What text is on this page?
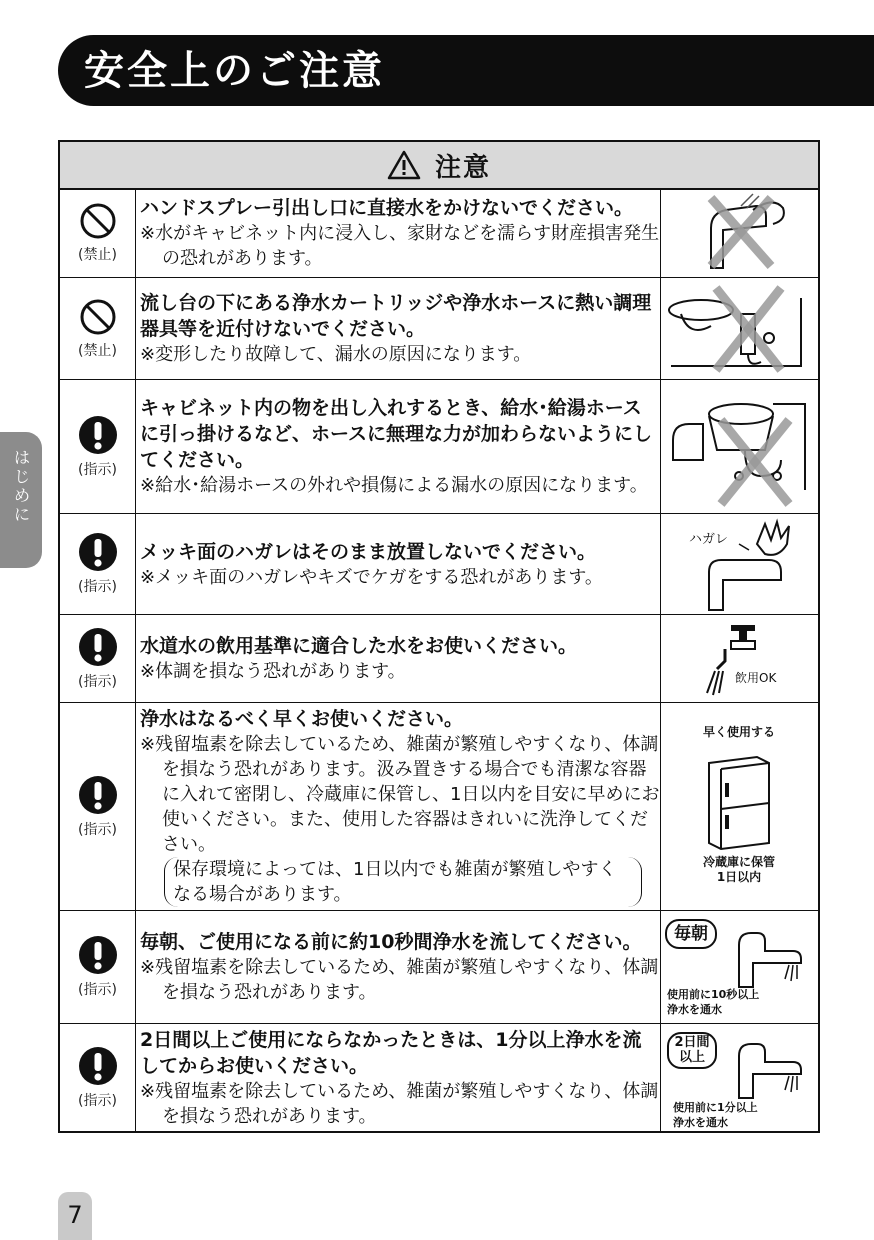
安全上のご注意
は
じ
め
に
注意
(禁止)
ハンドスプレー引出し口に直接水をかけないでください。
※水がキャビネット内に浸入し、家財などを濡らす財産損害発生の恐れがあります。
(禁止)
流し台の下にある浄水カートリッジや浄水ホースに熱い調理器具等を近付けないでください。
※変形したり故障して、漏水の原因になります。
(指示)
キャビネット内の物を出し入れするとき、給水･給湯ホースに引っ掛けるなど、ホースに無理な力が加わらないようにしてください。
※給水･給湯ホースの外れや損傷による漏水の原因になります。
(指示)
メッキ面のハガレはそのまま放置しないでください。
※メッキ面のハガレやキズでケガをする恐れがあります。
ハガレ
(指示)
水道水の飲用基準に適合した水をお使いください。
※体調を損なう恐れがあります。	飲用OK
(指示)
浄水はなるべく早くお使いください。
※残留塩素を除去しているため、雑菌が繁殖しやすくなり、体調を損なう恐れがあります。汲み置きする場合でも清潔な容器に入れて密閉し、冷蔵庫に保管し、1日以内を目安に早めにお使いください。また、使用した容器はきれいに洗浄してください。
保存環境によっては、1日以内でも雑菌が繁殖しやすくなる場合があります。
早く使用する
冷蔵庫に保管
1日以内
(指示)
毎朝、ご使用になる前に約10秒間浄水を流してください。
※残留塩素を除去しているため、雑菌が繁殖しやすくなり、体調を損なう恐れがあります。
毎朝
使用前に10秒以上
浄水を通水
(指示)
2日間以上ご使用にならなかったときは、1分以上浄水を流してからお使いください。
※残留塩素を除去しているため、雑菌が繁殖しやすくなり、体調を損なう恐れがあります。
2日間
以上
使用前に1分以上
浄水を通水
7
